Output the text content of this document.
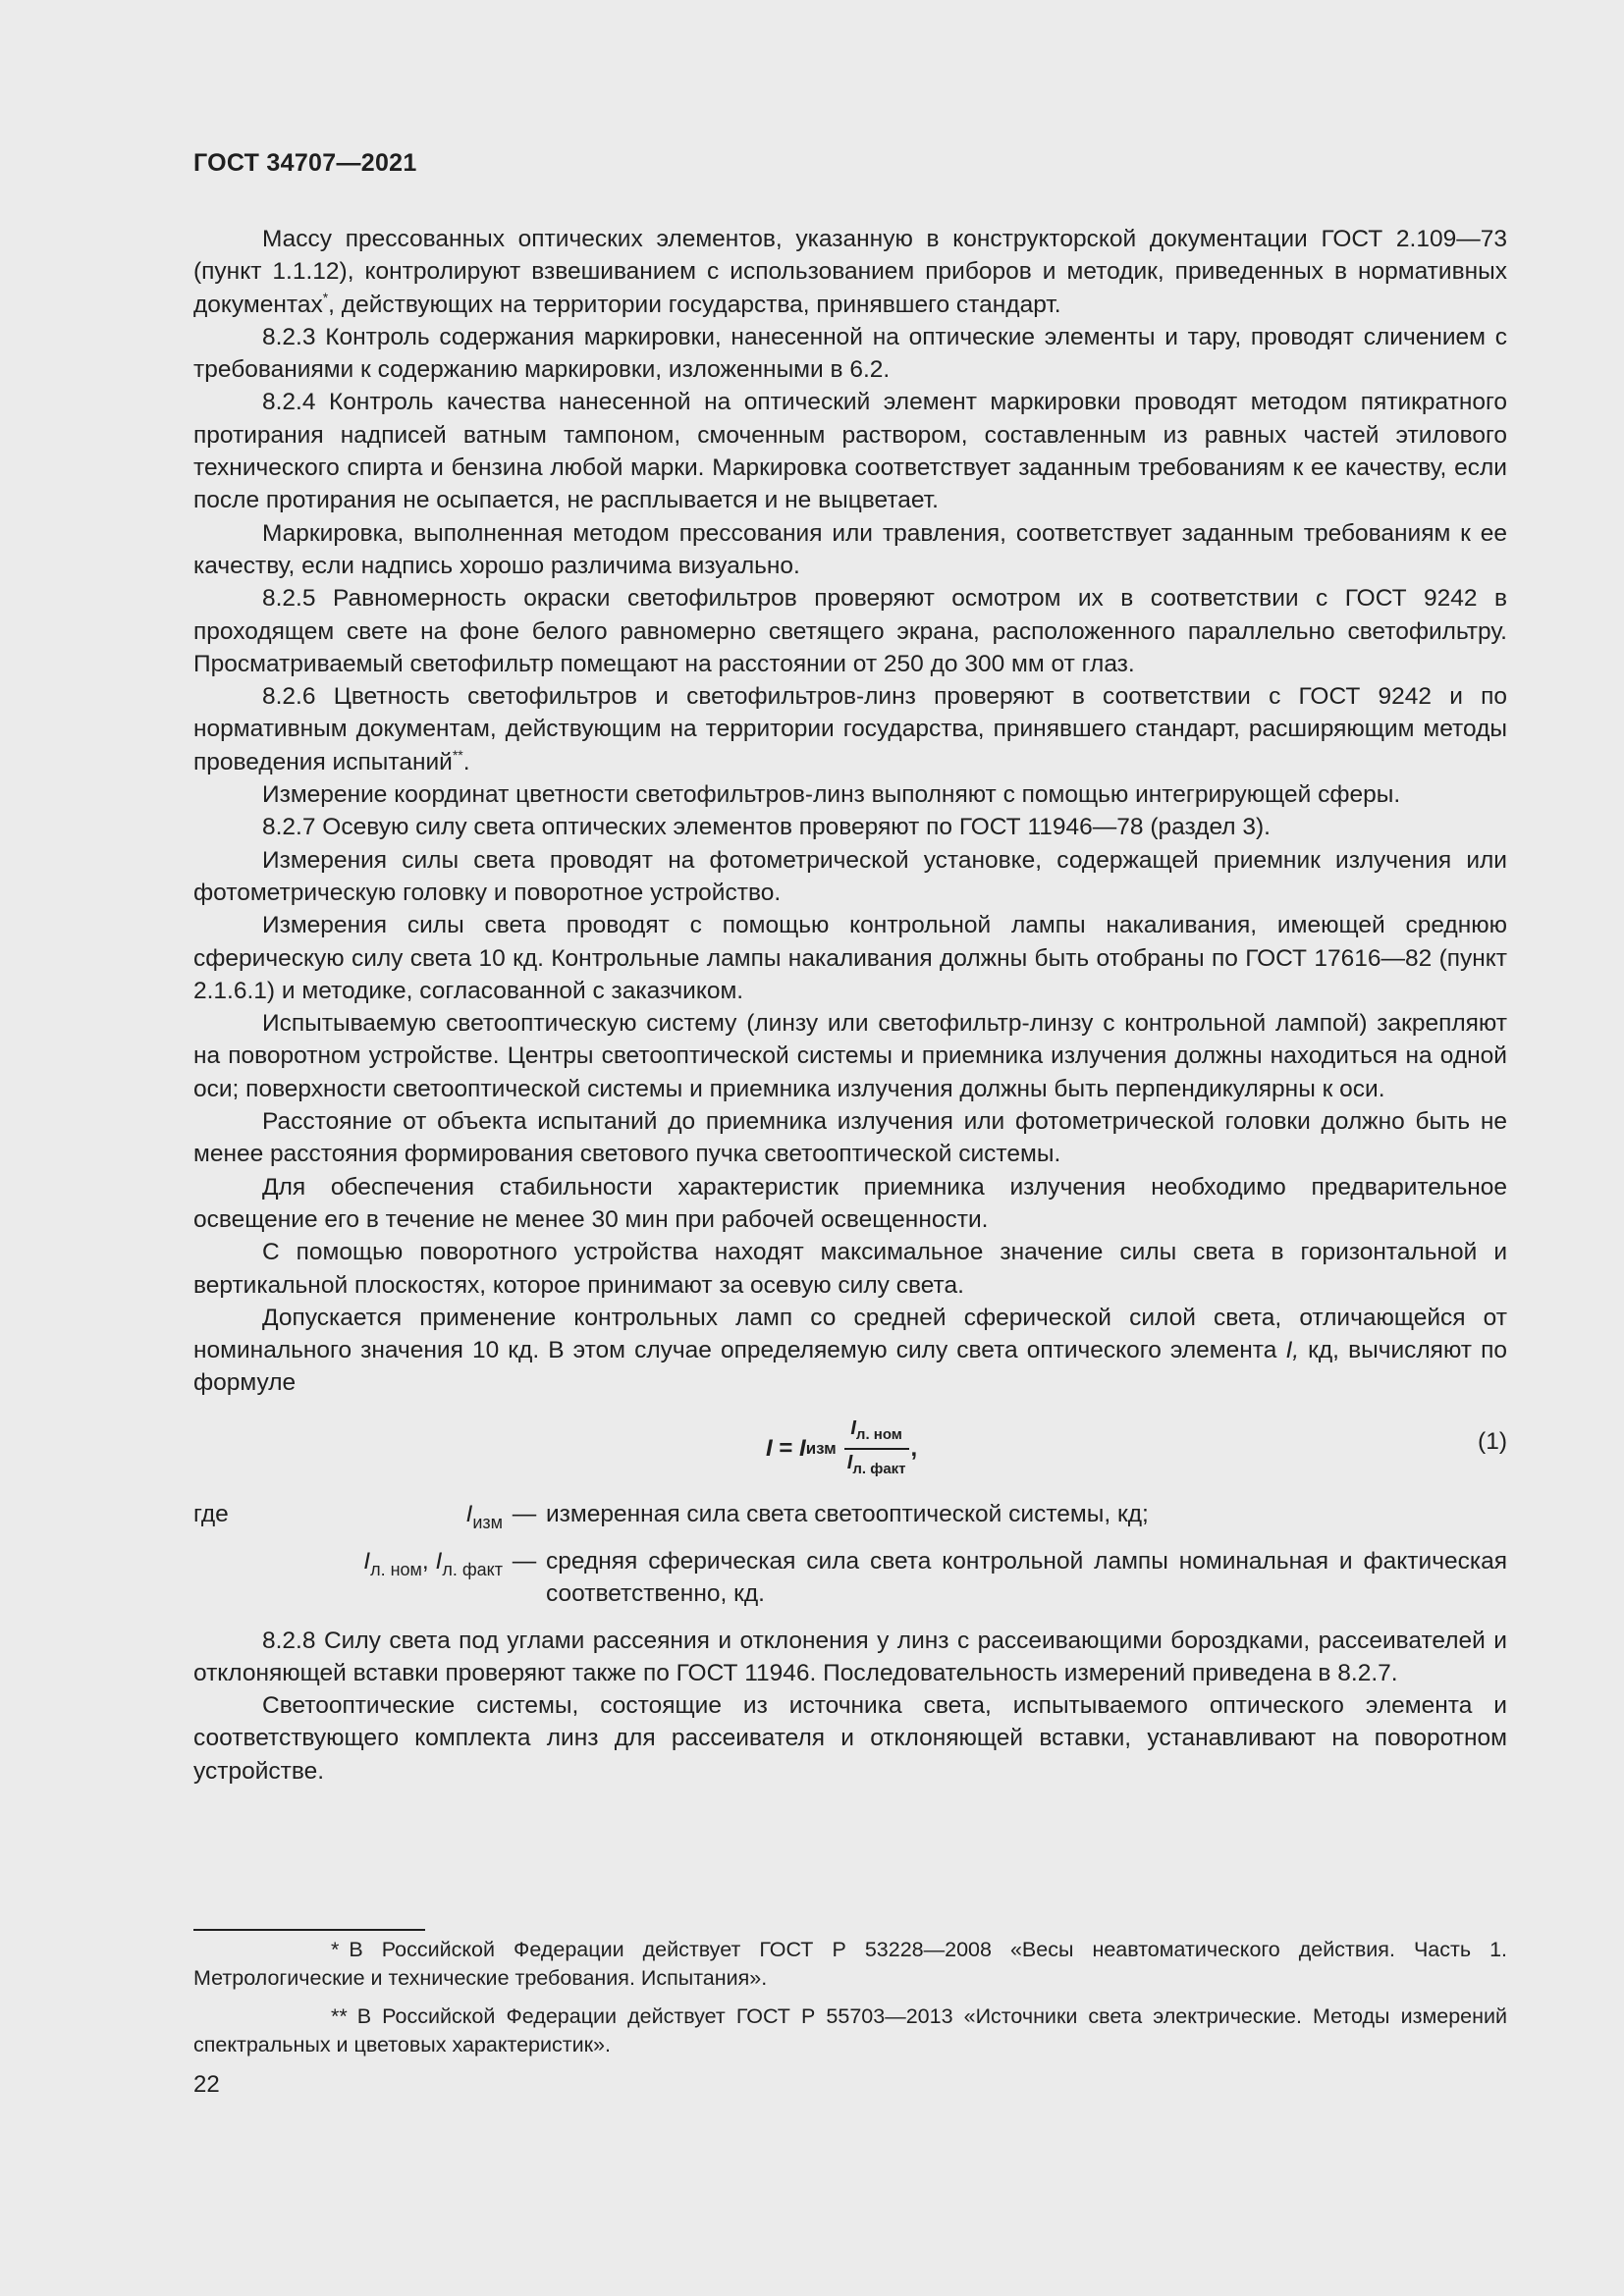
ГОСТ 34707—2021

Массу прессованных оптических элементов, указанную в конструкторской документации ГОСТ 2.109—73 (пункт 1.1.12), контролируют взвешиванием с использованием приборов и методик, приведенных в нормативных документах*, действующих на территории государства, принявшего стандарт.

8.2.3 Контроль содержания маркировки, нанесенной на оптические элементы и тару, проводят сличением с требованиями к содержанию маркировки, изложенными в 6.2.

8.2.4 Контроль качества нанесенной на оптический элемент маркировки проводят методом пятикратного протирания надписей ватным тампоном, смоченным раствором, составленным из равных частей этилового технического спирта и бензина любой марки. Маркировка соответствует заданным требованиям к ее качеству, если после протирания не осыпается, не расплывается и не выцветает.

Маркировка, выполненная методом прессования или травления, соответствует заданным требованиям к ее качеству, если надпись хорошо различима визуально.

8.2.5 Равномерность окраски светофильтров проверяют осмотром их в соответствии с ГОСТ 9242 в проходящем свете на фоне белого равномерно светящего экрана, расположенного параллельно светофильтру. Просматриваемый светофильтр помещают на расстоянии от 250 до 300 мм от глаз.

8.2.6 Цветность светофильтров и светофильтров-линз проверяют в соответствии с ГОСТ 9242 и по нормативным документам, действующим на территории государства, принявшего стандарт, расширяющим методы проведения испытаний**.

Измерение координат цветности светофильтров-линз выполняют с помощью интегрирующей сферы.

8.2.7 Осевую силу света оптических элементов проверяют по ГОСТ 11946—78 (раздел 3).

Измерения силы света проводят на фотометрической установке, содержащей приемник излучения или фотометрическую головку и поворотное устройство.

Измерения силы света проводят с помощью контрольной лампы накаливания, имеющей среднюю сферическую силу света 10 кд. Контрольные лампы накаливания должны быть отобраны по ГОСТ 17616—82 (пункт 2.1.6.1) и методике, согласованной с заказчиком.

Испытываемую светооптическую систему (линзу или светофильтр-линзу с контрольной лампой) закрепляют на поворотном устройстве. Центры светооптической системы и приемника излучения должны находиться на одной оси; поверхности светооптической системы и приемника излучения должны быть перпендикулярны к оси.

Расстояние от объекта испытаний до приемника излучения или фотометрической головки должно быть не менее расстояния формирования светового пучка светооптической системы.

Для обеспечения стабильности характеристик приемника излучения необходимо предварительное освещение его в течение не менее 30 мин при рабочей освещенности.

С помощью поворотного устройства находят максимальное значение силы света в горизонтальной и вертикальной плоскостях, которое принимают за осевую силу света.

Допускается применение контрольных ламп со средней сферической силой света, отличающейся от номинального значения 10 кд. В этом случае определяемую силу света оптического элемента I, кд, вычисляют по формуле

I = I изм $\frac{I_{л. ном}}{I_{л. факт}}$ ,	(1)
где	$I_{изм}$ — измеренная сила света светооптической системы, кд;
$I_{л. ном}$, $I_{л. факт}$ — средняя сферическая сила света контрольной лампы номинальная и фактическая соответственно, кд.

8.2.8 Силу света под углами рассеяния и отклонения у линз с рассеивающими бороздками, рассеивателей и отклоняющей вставки проверяют также по ГОСТ 11946. Последовательность измерений приведена в 8.2.7.

Светооптические системы, состоящие из источника света, испытываемого оптического элемента и соответствующего комплекта линз для рассеивателя и отклоняющей вставки, устанавливают на поворотном устройстве.

* В Российской Федерации действует ГОСТ Р 53228—2008 «Весы неавтоматического действия. Часть 1. Метрологические и технические требования. Испытания».

** В Российской Федерации действует ГОСТ Р 55703—2013 «Источники света электрические. Методы измерений спектральных и цветовых характеристик».

22
